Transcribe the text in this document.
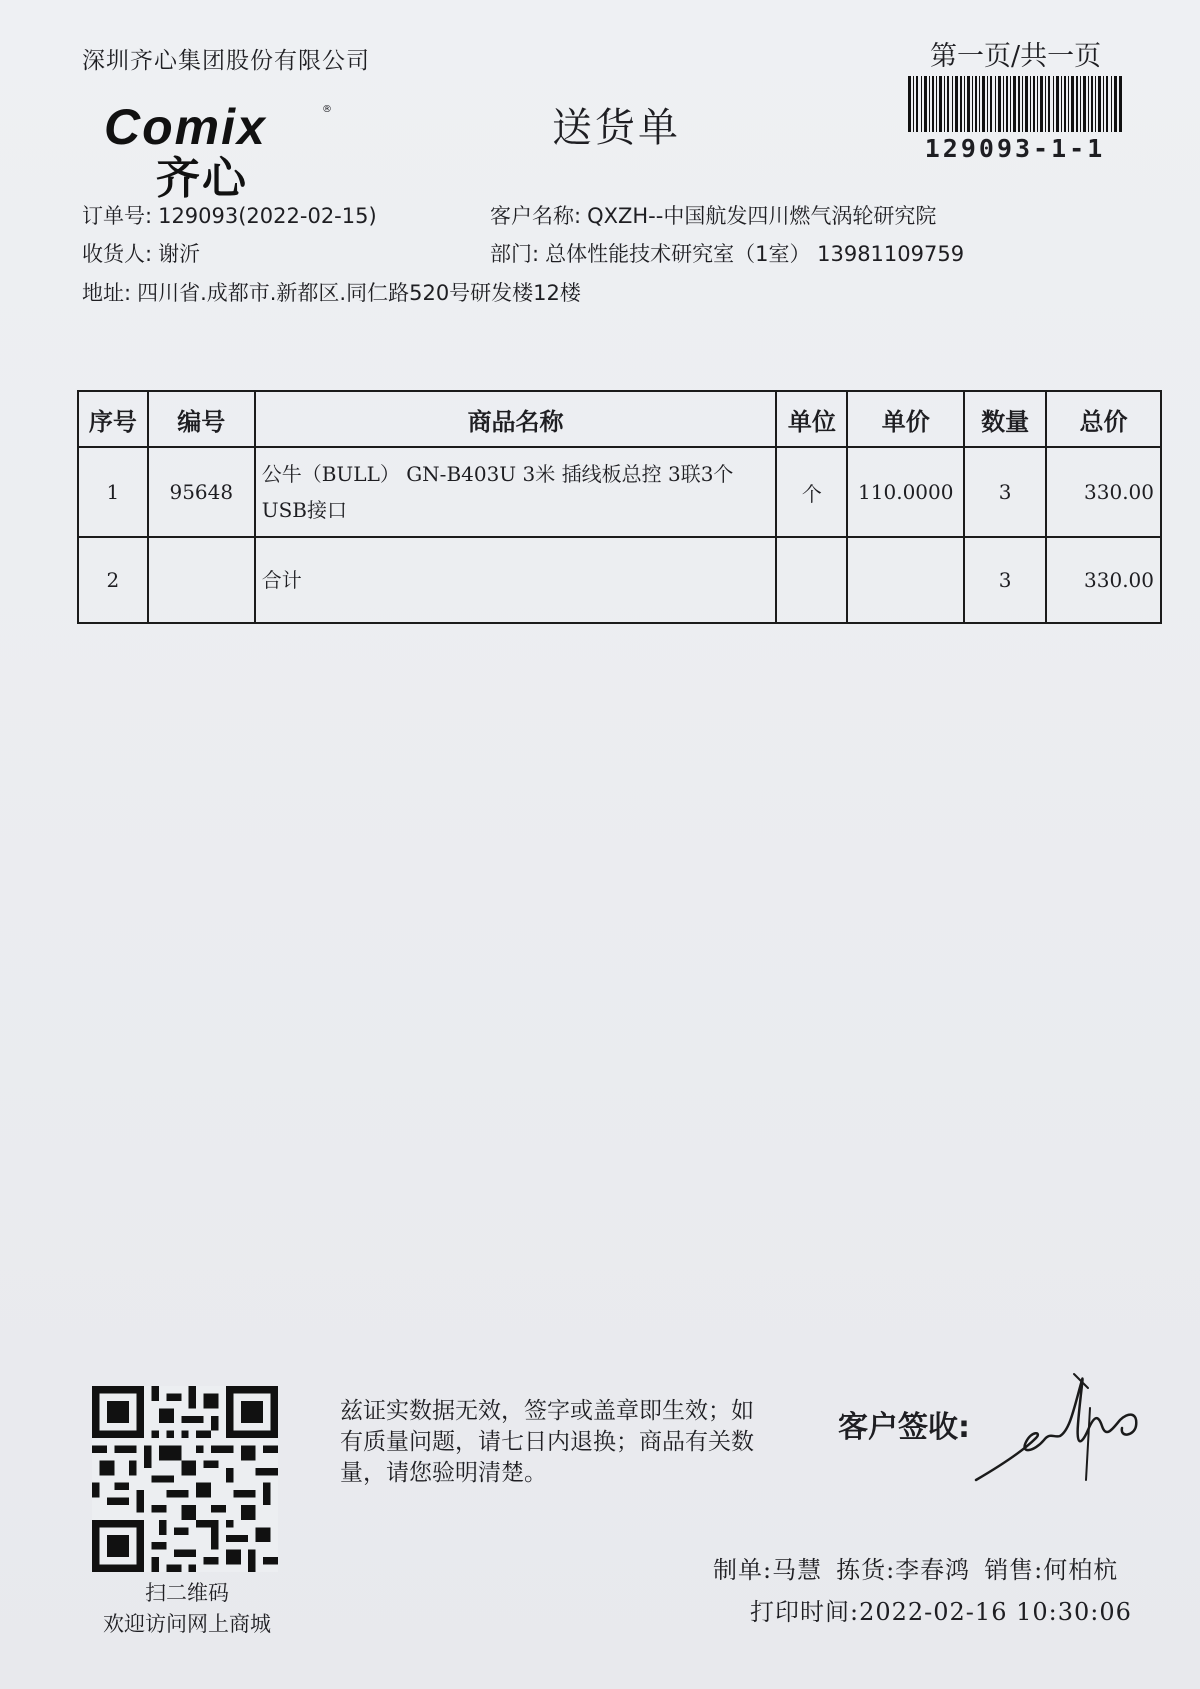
深圳齐心集团股份有限公司	第一页/共一页
129093-1-1
Comix	®
齐心
送货单
订单号: 129093(2022-02-15)	客户名称: QXZH--中国航发四川燃气涡轮研究院
收货人: 谢沂	部门: 总体性能技术研究室（1室） 13981109759
地址: 四川省.成都市.新都区.同仁路520号研发楼12楼
序号	编号	商品名称	单位	单价	数量	总价
1	95648	公牛（BULL） GN-B403U 3米 插线板总控 3联3个USB接口	个	110.0000	3	330.00
2		合计			3	330.00
扫二维码
欢迎访问网上商城
兹证实数据无效，签字或盖章即生效；如有质量问题，请七日内退换；商品有关数量，请您验明清楚。
客户签收:
制单:马慧 拣货:李春鸿 销售:何柏杭
打印时间:2022-02-16 10:30:06
